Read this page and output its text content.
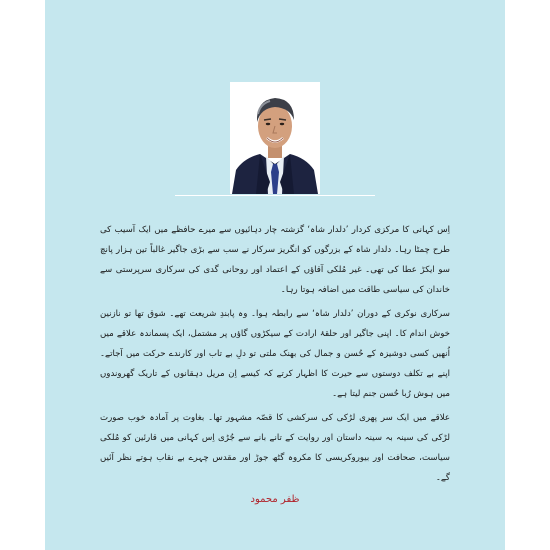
اِس کہانی کا مرکزی کردار ’دلدار شاہ‘ گزشتہ چار دہائیوں سے میرے حافظے میں ایک آسیب کی طرح چمٹا رہا۔ دلدار شاہ کے بزرگوں کو انگریز سرکار نے سب سے بڑی جاگیر غالباً تین ہزار پانچ سو ایکڑ عطا کی تھی۔ غیر مُلکی آقاؤں کے اعتماد اور روحانی گدی کی سرکاری سرپرستی سے خاندان کی سیاسی طاقت میں اضافہ ہوتا رہا۔

سرکاری نوکری کے دوران ’دلدار شاہ‘ سے رابطہ ہوا۔ وہ پابندِ شریعت تھے۔ شوق تھا تو نازنین خوش اندام کا۔ اپنی جاگیر اور حلقۂ ارادت کے سیکڑوں گاؤں پر مشتمل، ایک پسماندہ علاقے میں اُنھیں کسی دوشیزہ کے حُسن و جمال کی بھنک ملتی تو دلِ بے تاب اور کارندے حرکت میں آجاتے۔ اپنے بے تکلف دوستوں سے حیرت کا اظہار کرتے کہ کیسے اِن مریل دہقانوں کے تاریک گھروندوں میں ہوش رُبا حُسن جنم لیتا ہے۔

علاقے میں ایک سر پھری لڑکی کی سرکشی کا قصّہ مشہور تھا۔ بغاوت پر آمادہ خوب صورت لڑکی کی سینہ بہ سینہ داستان اور روایت کے تانے بانے سے جُڑی اِس کہانی میں قارئین کو مُلکی سیاست، صحافت اور بیوروکریسی کا مکروہ گٹھ جوڑ اور مقدس چہرے بے نقاب ہوتے نظر آئیں گے۔

ظفر محمود
